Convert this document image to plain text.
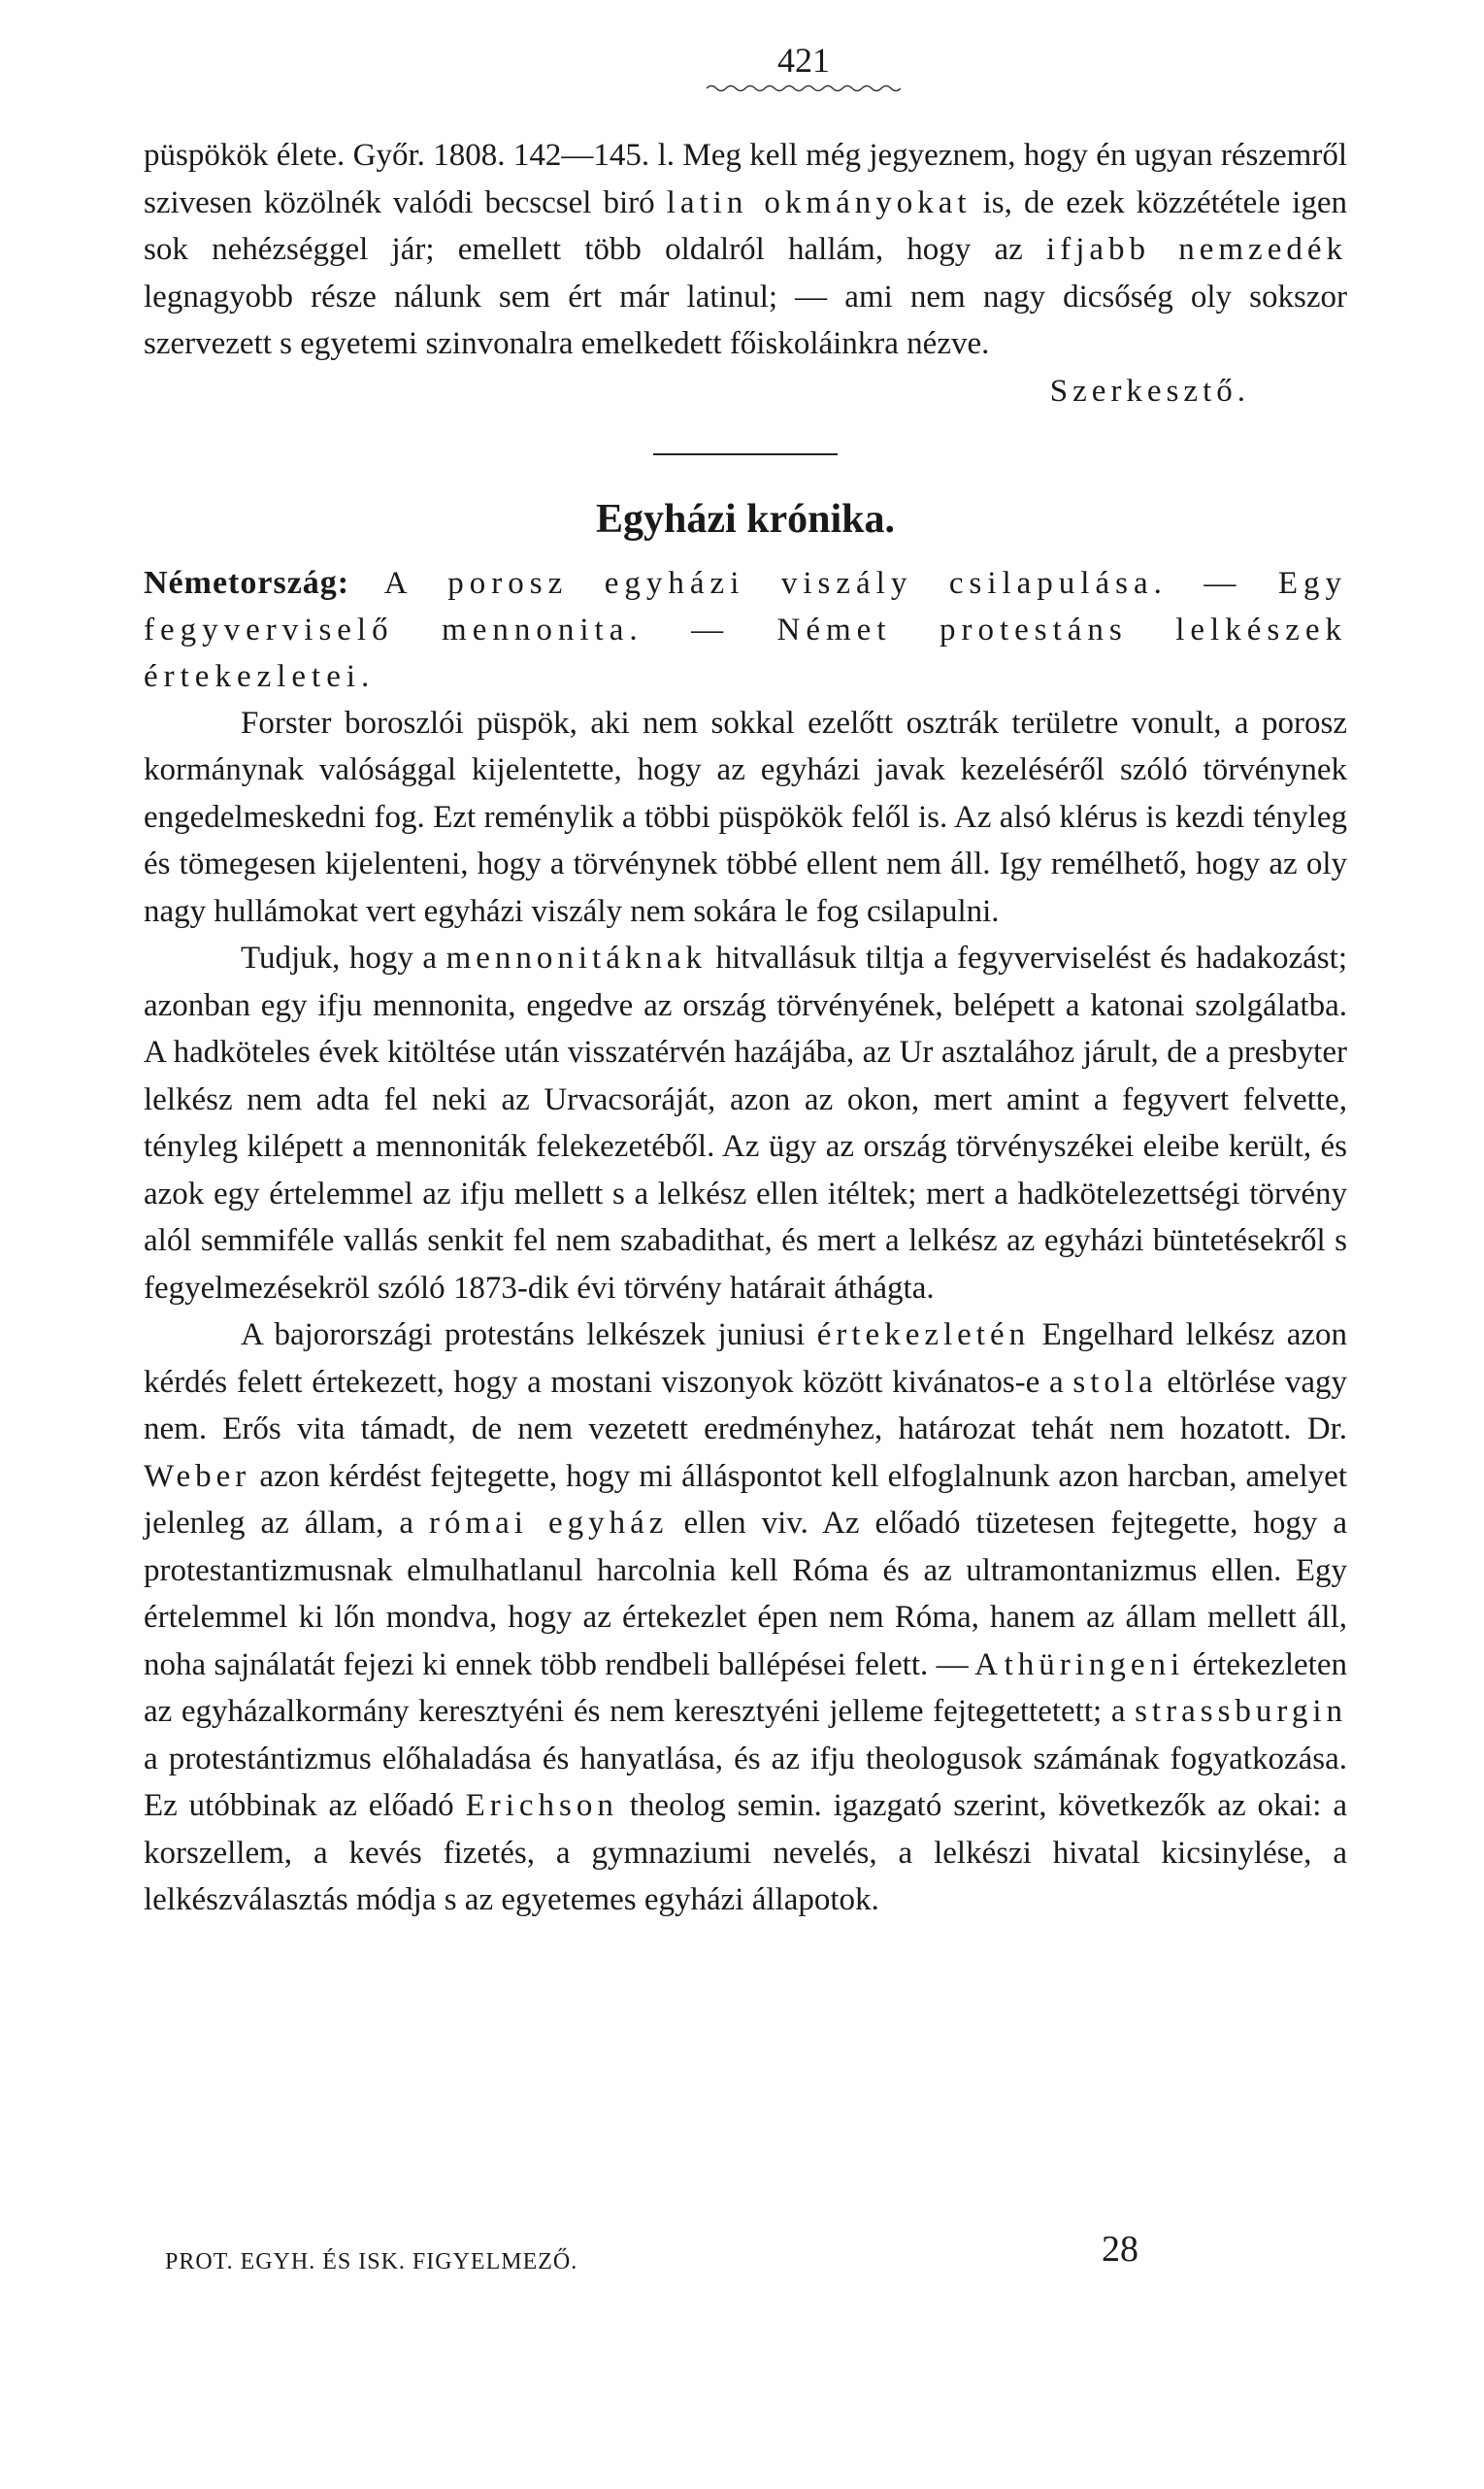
421

püspökök élete. Győr. 1808. 142—145. l. Meg kell még jegyeznem, hogy én ugyan részemről szivesen közölnék valódi becscsel biró latin okmányokat is, de ezek közzététele igen sok nehézséggel jár; emellett több oldalról hallám, hogy az ifjabb nemzedék legnagyobb része nálunk sem ért már latinul; — ami nem nagy dicsőség oly sokszor szervezett s egyetemi szinvonalra emelkedett főiskoláinkra nézve.

Szerkesztő.
Egyházi krónika.

Németország: A porosz egyházi viszály csilapulása. — Egy fegyverviselő mennonita. — Német protestáns lelkészek értekezletei.

Forster boroszlói püspök, aki nem sokkal ezelőtt osztrák területre vonult, a porosz kormánynak valósággal kijelentette, hogy az egyházi javak kezeléséről szóló törvénynek engedelmeskedni fog. Ezt reménylik a többi püspökök felől is. Az alsó klérus is kezdi tényleg és tömegesen kijelenteni, hogy a törvénynek többé ellent nem áll. Igy remélhető, hogy az oly nagy hullámokat vert egyházi viszály nem sokára le fog csilapulni.

Tudjuk, hogy a mennonitáknak hitvallásuk tiltja a fegyverviselést és hadakozást; azonban egy ifju mennonita, engedve az ország törvényének, belépett a katonai szolgálatba. A hadköteles évek kitöltése után visszatérvén hazájába, az Ur asztalához járult, de a presbyter lelkész nem adta fel neki az Urvacsoráját, azon az okon, mert amint a fegyvert felvette, tényleg kilépett a mennoniták felekezetéből. Az ügy az ország törvényszékei eleibe került, és azok egy értelemmel az ifju mellett s a lelkész ellen itéltek; mert a hadkötelezettségi törvény alól semmiféle vallás senkit fel nem szabadithat, és mert a lelkész az egyházi büntetésekről s fegyelmezésekröl szóló 1873-dik évi törvény határait áthágta.

A bajorországi protestáns lelkészek juniusi értekezletén Engelhard lelkész azon kérdés felett értekezett, hogy a mostani viszonyok között kivánatos-e a stola eltörlése vagy nem. Erős vita támadt, de nem vezetett eredményhez, határozat tehát nem hozatott. Dr. Weber azon kérdést fejtegette, hogy mi álláspontot kell elfoglalnunk azon harcban, amelyet jelenleg az állam, a római egyház ellen viv. Az előadó tüzetesen fejtegette, hogy a protestantizmusnak elmulhatlanul harcolnia kell Róma és az ultramontanizmus ellen. Egy értelemmel ki lőn mondva, hogy az értekezlet épen nem Róma, hanem az állam mellett áll, noha sajnálatát fejezi ki ennek több rendbeli ballépései felett. — A thüringeni értekezleten az egyházalkormány keresztyéni és nem keresztyéni jelleme fejtegettetett; a strassburgin a protestántizmus előhaladása és hanyatlása, és az ifju theologusok számának fogyatkozása. Ez utóbbinak az előadó Erichson theolog semin. igazgató szerint, következők az okai: a korszellem, a kevés fizetés, a gymnaziumi nevelés, a lelkészi hivatal kicsinylése, a lelkészválasztás módja s az egyetemes egyházi állapotok.

PROT. EGYH. ÉS ISK. FIGYELMEZŐ.	28
